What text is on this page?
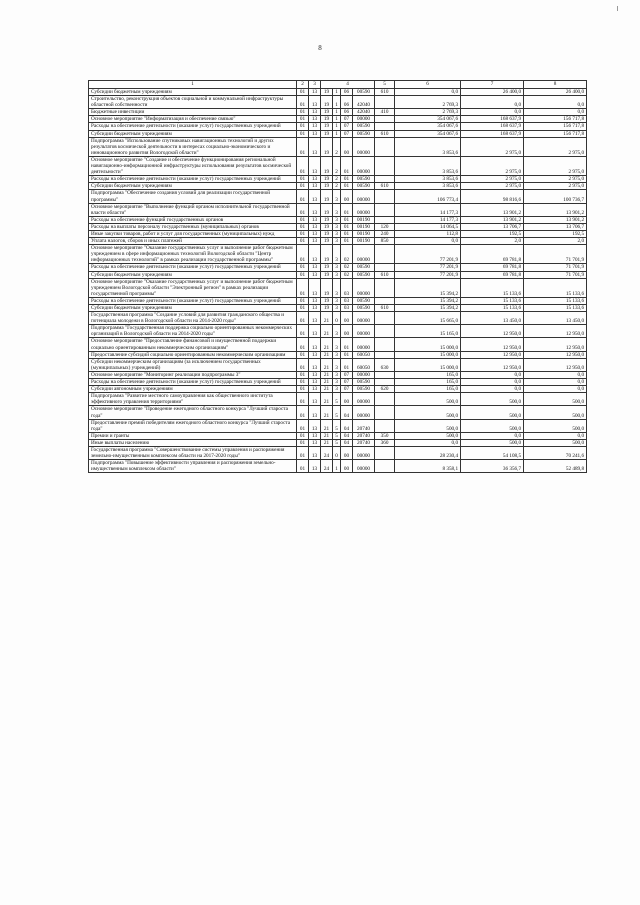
8
1	2	3	4				5	6	7	8
Субсидии бюджетным учреждениям	01	13	19	1	06	00590	610	0,0	26 400,0	26 400,0
Строительство, реконструкция объектов социальной и коммунальной инфраструктуры областной собственности	01	13	19	1	06	42040		2 769,3	0,0	0,0
Бюджетные инвестиции	01	13	19	1	06	42040	410	2 769,3	0,0	0,0
Основное мероприятие "Информатизация и обеспечение связью"	01	13	19	1	07	00000		354 067,6	168 637,9	156 717,8
Расходы на обеспечение деятельности (оказание услуг) государственных учреждений	01	13	19	1	07	00590		354 067,6	168 637,9	156 717,8
Субсидии бюджетным учреждениям	01	13	19	1	07	00590	610	354 067,6	168 637,9	156 717,8
Подпрограмма "Использование спутниковых навигационных технологий и других результатов космической деятельности в интересах социально-экономического и инновационного развития Вологодской области"	01	13	19	2	00	00000		3 853,6	2 975,0	2 975,0
Основное мероприятие "Создание и обеспечение функционирования региональной навигационно-информационной инфраструктуры использования результатов космической деятельности"	01	13	19	2	01	00000		3 853,6	2 975,0	2 975,0
Расходы на обеспечение деятельности (оказание услуг) государственных учреждений	01	13	19	2	01	00590		3 853,6	2 975,0	2 975,0
Субсидии бюджетным учреждениям	01	13	19	2	01	00590	610	3 853,6	2 975,0	2 975,0
Подпрограмма "Обеспечение создания условий для реализации государственной программы"	01	13	19	3	00	00000		106 773,4	98 816,6	100 736,7
Основное мероприятие "Выполнение функций органом исполнительной государственной власти области"	01	13	19	3	01	00000		14 177,3	13 901,2	13 901,2
Расходы на обеспечение функций государственных органов	01	13	19	3	01	00190		14 177,3	13 901,2	13 901,2
Расходы на выплаты персоналу государственных (муниципальных) органов	01	13	19	3	01	00190	120	14 064,5	13 706,7	13 706,7
Иные закупки товаров, работ и услуг для государственных (муниципальных) нужд	01	13	19	3	01	00190	240	112,8	192,5	192,5
Уплата налогов, сборов и иных платежей	01	13	19	3	01	00190	850	0,0	2,0	2,0
Основное мероприятие "Оказание государственных услуг и выполнение работ бюджетным учреждением в сфере информационных технологий Вологодской области "Центр информационных технологий" в рамках реализации государственной программы"	01	13	19	3	02	00000		77 201,9	69 781,8	71 701,9
Расходы на обеспечение деятельности (оказание услуг) государственных учреждений	01	13	19	3	02	00590		77 201,9	69 781,8	71 701,9
Субсидии бюджетным учреждениям	01	13	19	3	02	00590	610	77 201,9	69 781,8	71 701,9
Основное мероприятие "Оказание государственных услуг и выполнение работ бюджетным учреждением Вологодской области "Электронный регион" в рамках реализации государственной программы"	01	13	19	3	03	00000		15 394,2	15 133,6	15 133,6
Расходы на обеспечение деятельности (оказание услуг) государственных учреждений	01	13	19	3	03	00590		15 394,2	15 133,6	15 133,6
Субсидии бюджетным учреждениям	01	13	19	3	03	00590	610	15 394,2	15 133,6	15 133,6
Государственная программа "Создание условий для развития гражданского общества и потенциала молодежи в Вологодской области на 2014-2020 годы"	01	13	21	0	00	00000		15 665,0	13 450,0	13 450,0
Подпрограмма "Государственная поддержка социально ориентированных некоммерческих организаций в Вологодской области на 2014-2020 годы"	01	13	21	3	00	00000		15 165,0	12 950,0	12 950,0
Основное мероприятие "Предоставление финансовой и имущественной поддержки социально ориентированным некоммерческим организациям"	01	13	21	3	01	00000		15 000,0	12 950,0	12 950,0
Предоставление субсидий социально ориентированным некоммерческим организациям	01	13	21	3	01	60050		15 000,0	12 950,0	12 950,0
Субсидии некоммерческим организациям (за исключением государственных (муниципальных) учреждений)	01	13	21	3	01	60050	630	15 000,0	12 950,0	12 950,0
Основное мероприятие "Мониторинг реализации подпрограммы 3"	01	13	21	3	07	00000		165,0	0,0	0,0
Расходы на обеспечение деятельности (оказание услуг) государственных учреждений	01	13	21	3	07	00590		165,0	0,0	0,0
Субсидии автономным учреждениям	01	13	21	3	07	00590	620	165,0	0,0	0,0
Подпрограмма "Развитие местного самоуправления как общественного института эффективного управления территориями"	01	13	21	5	00	00000		500,0	500,0	500,0
Основное мероприятие "Проведение ежегодного областного конкурса "Лучший староста года"	01	13	21	5	04	00000		500,0	500,0	500,0
Предоставление премий победителям ежегодного областного конкурса "Лучший староста года"	01	13	21	5	04	20740		500,0	500,0	500,0
Премии и гранты	01	13	21	5	04	20740	350	500,0	0,0	0,0
Иные выплаты населению	01	13	21	5	04	20740	360	0,0	500,0	500,0
Государственная программа "Совершенствование системы управления и распоряжения земельно-имущественным комплексом области на 2017-2020 годы"	01	13	24	0	00	00000		28 230,4	54 108,5	70 241,6
Подпрограмма "Повышение эффективности управления и распоряжения земельно-имущественным комплексом области"	01	13	24	1	00	00000		8 358,1	36 356,7	52 489,8
